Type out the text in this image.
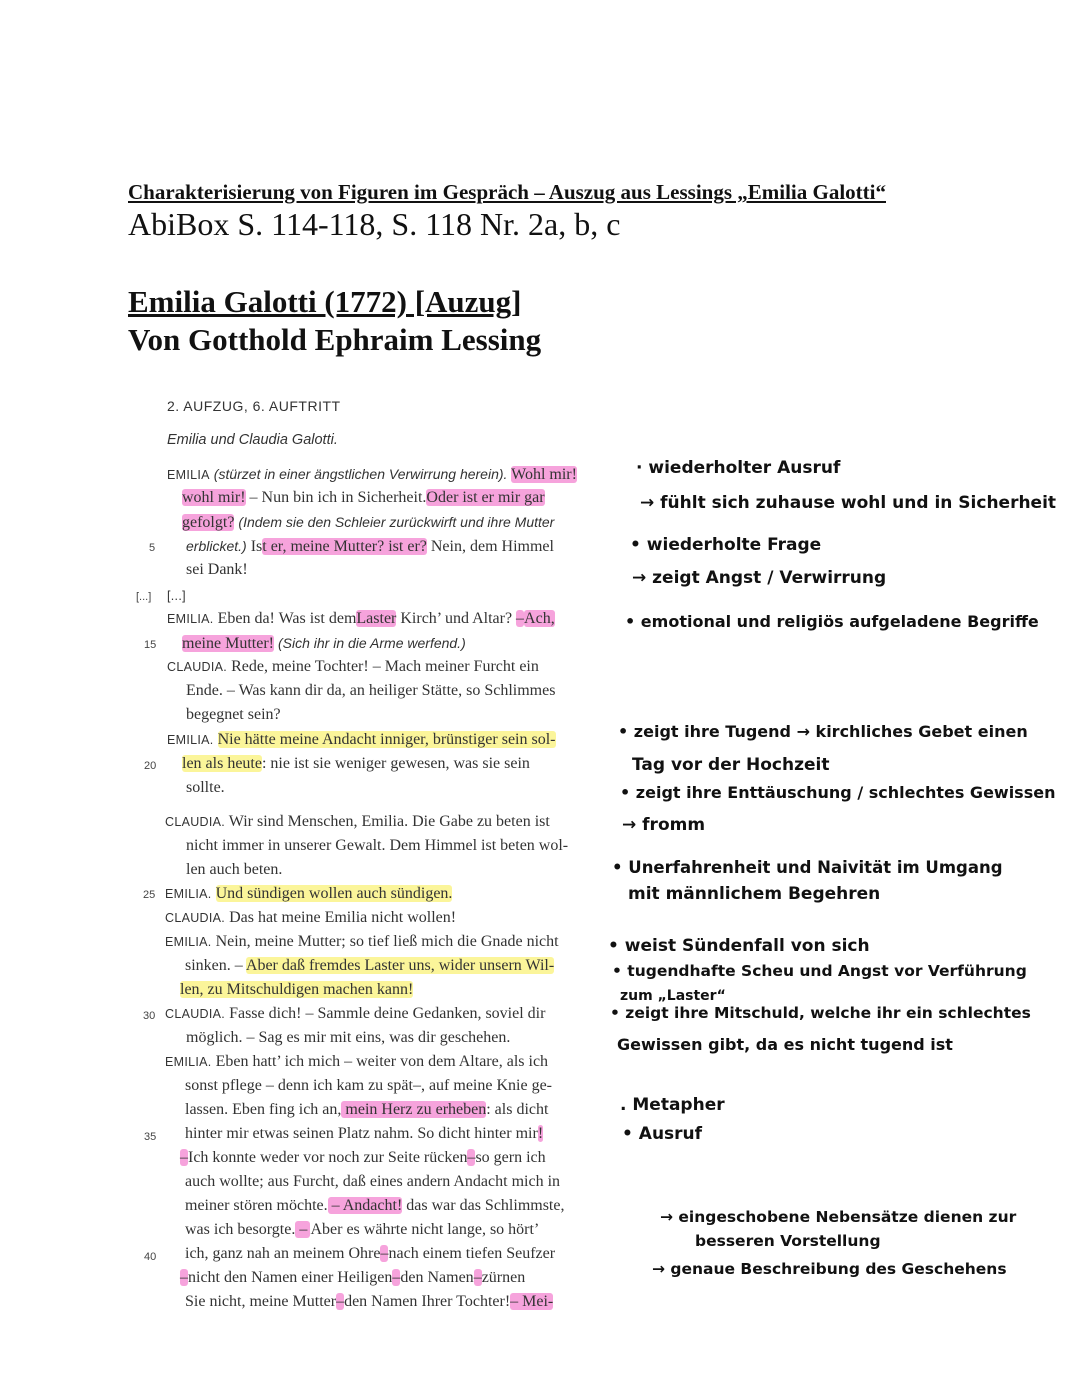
Charakterisierung von Figuren im Gespräch – Auszug aus Lessings „Emilia Galotti“
AbiBox S. 114-118, S. 118 Nr. 2a, b, c
Emilia Galotti (1772) [Auzug]
Von Gotthold Ephraim Lessing
2. AUFZUG, 6. AUFTRITT
Emilia und Claudia Galotti.
5
[...]
15
20
25
30
35
40
EMILIA (stürzet in einer ängstlichen Verwirrung herein). Wohl mir!
wohl mir! – Nun bin ich in Sicherheit.Oder ist er mir gar
gefolgt? (Indem sie den Schleier zurückwirft und ihre Mutter
erblicket.) Ist er, meine Mutter? ist er? Nein, dem Himmel
sei Dank!
[...]
EMILIA. Eben da! Was ist demLaster Kirch’ und Altar? –Ach,
meine Mutter! (Sich ihr in die Arme werfend.)
CLAUDIA. Rede, meine Tochter! – Mach meiner Furcht ein
Ende. – Was kann dir da, an heiliger Stätte, so Schlimmes
begegnet sein?
EMILIA. Nie hätte meine Andacht inniger, brünstiger sein sol-
len als heute: nie ist sie weniger gewesen, was sie sein
sollte.
CLAUDIA. Wir sind Menschen, Emilia. Die Gabe zu beten ist
nicht immer in unserer Gewalt. Dem Himmel ist beten wol-
len auch beten.
EMILIA. Und sündigen wollen auch sündigen.
CLAUDIA. Das hat meine Emilia nicht wollen!
EMILIA. Nein, meine Mutter; so tief ließ mich die Gnade nicht
sinken. – Aber daß fremdes Laster uns, wider unsern Wil-
len, zu Mitschuldigen machen kann!
CLAUDIA. Fasse dich! – Sammle deine Gedanken, soviel dir
möglich. – Sag es mir mit eins, was dir geschehen.
EMILIA. Eben hatt’ ich mich – weiter von dem Altare, als ich
sonst pflege – denn ich kam zu spät–, auf meine Knie ge-
lassen. Eben fing ich an, mein Herz zu erheben: als dicht
hinter mir etwas seinen Platz nahm. So dicht hinter mir!
–Ich konnte weder vor noch zur Seite rücken–so gern ich
auch wollte; aus Furcht, daß eines andern Andacht mich in
meiner stören möchte. – Andacht! das war das Schlimmste,
was ich besorgte. – Aber es währte nicht lange, so hört’
ich, ganz nah an meinem Ohre–nach einem tiefen Seufzer
–nicht den Namen einer Heiligen–den Namen–zürnen
Sie nicht, meine Mutter–den Namen Ihrer Tochter!– Mei-
· wiederholter Ausruf
→ fühlt sich zuhause wohl und in Sicherheit
• wiederholte Frage
→ zeigt Angst / Verwirrung
• emotional und religiös aufgeladene Begriffe
• zeigt ihre Tugend → kirchliches Gebet einen
Tag vor der Hochzeit
• zeigt ihre Enttäuschung / schlechtes Gewissen
→ fromm
• Unerfahrenheit und Naivität im Umgang
mit männlichem Begehren
• weist Sündenfall von sich
• tugendhafte Scheu und Angst vor Verführung
zum „Laster“
• zeigt ihre Mitschuld, welche ihr ein schlechtes
Gewissen gibt, da es nicht tugend ist
. Metapher
• Ausruf
→ eingeschobene Nebensätze dienen zur
besseren Vorstellung
→ genaue Beschreibung des Geschehens
